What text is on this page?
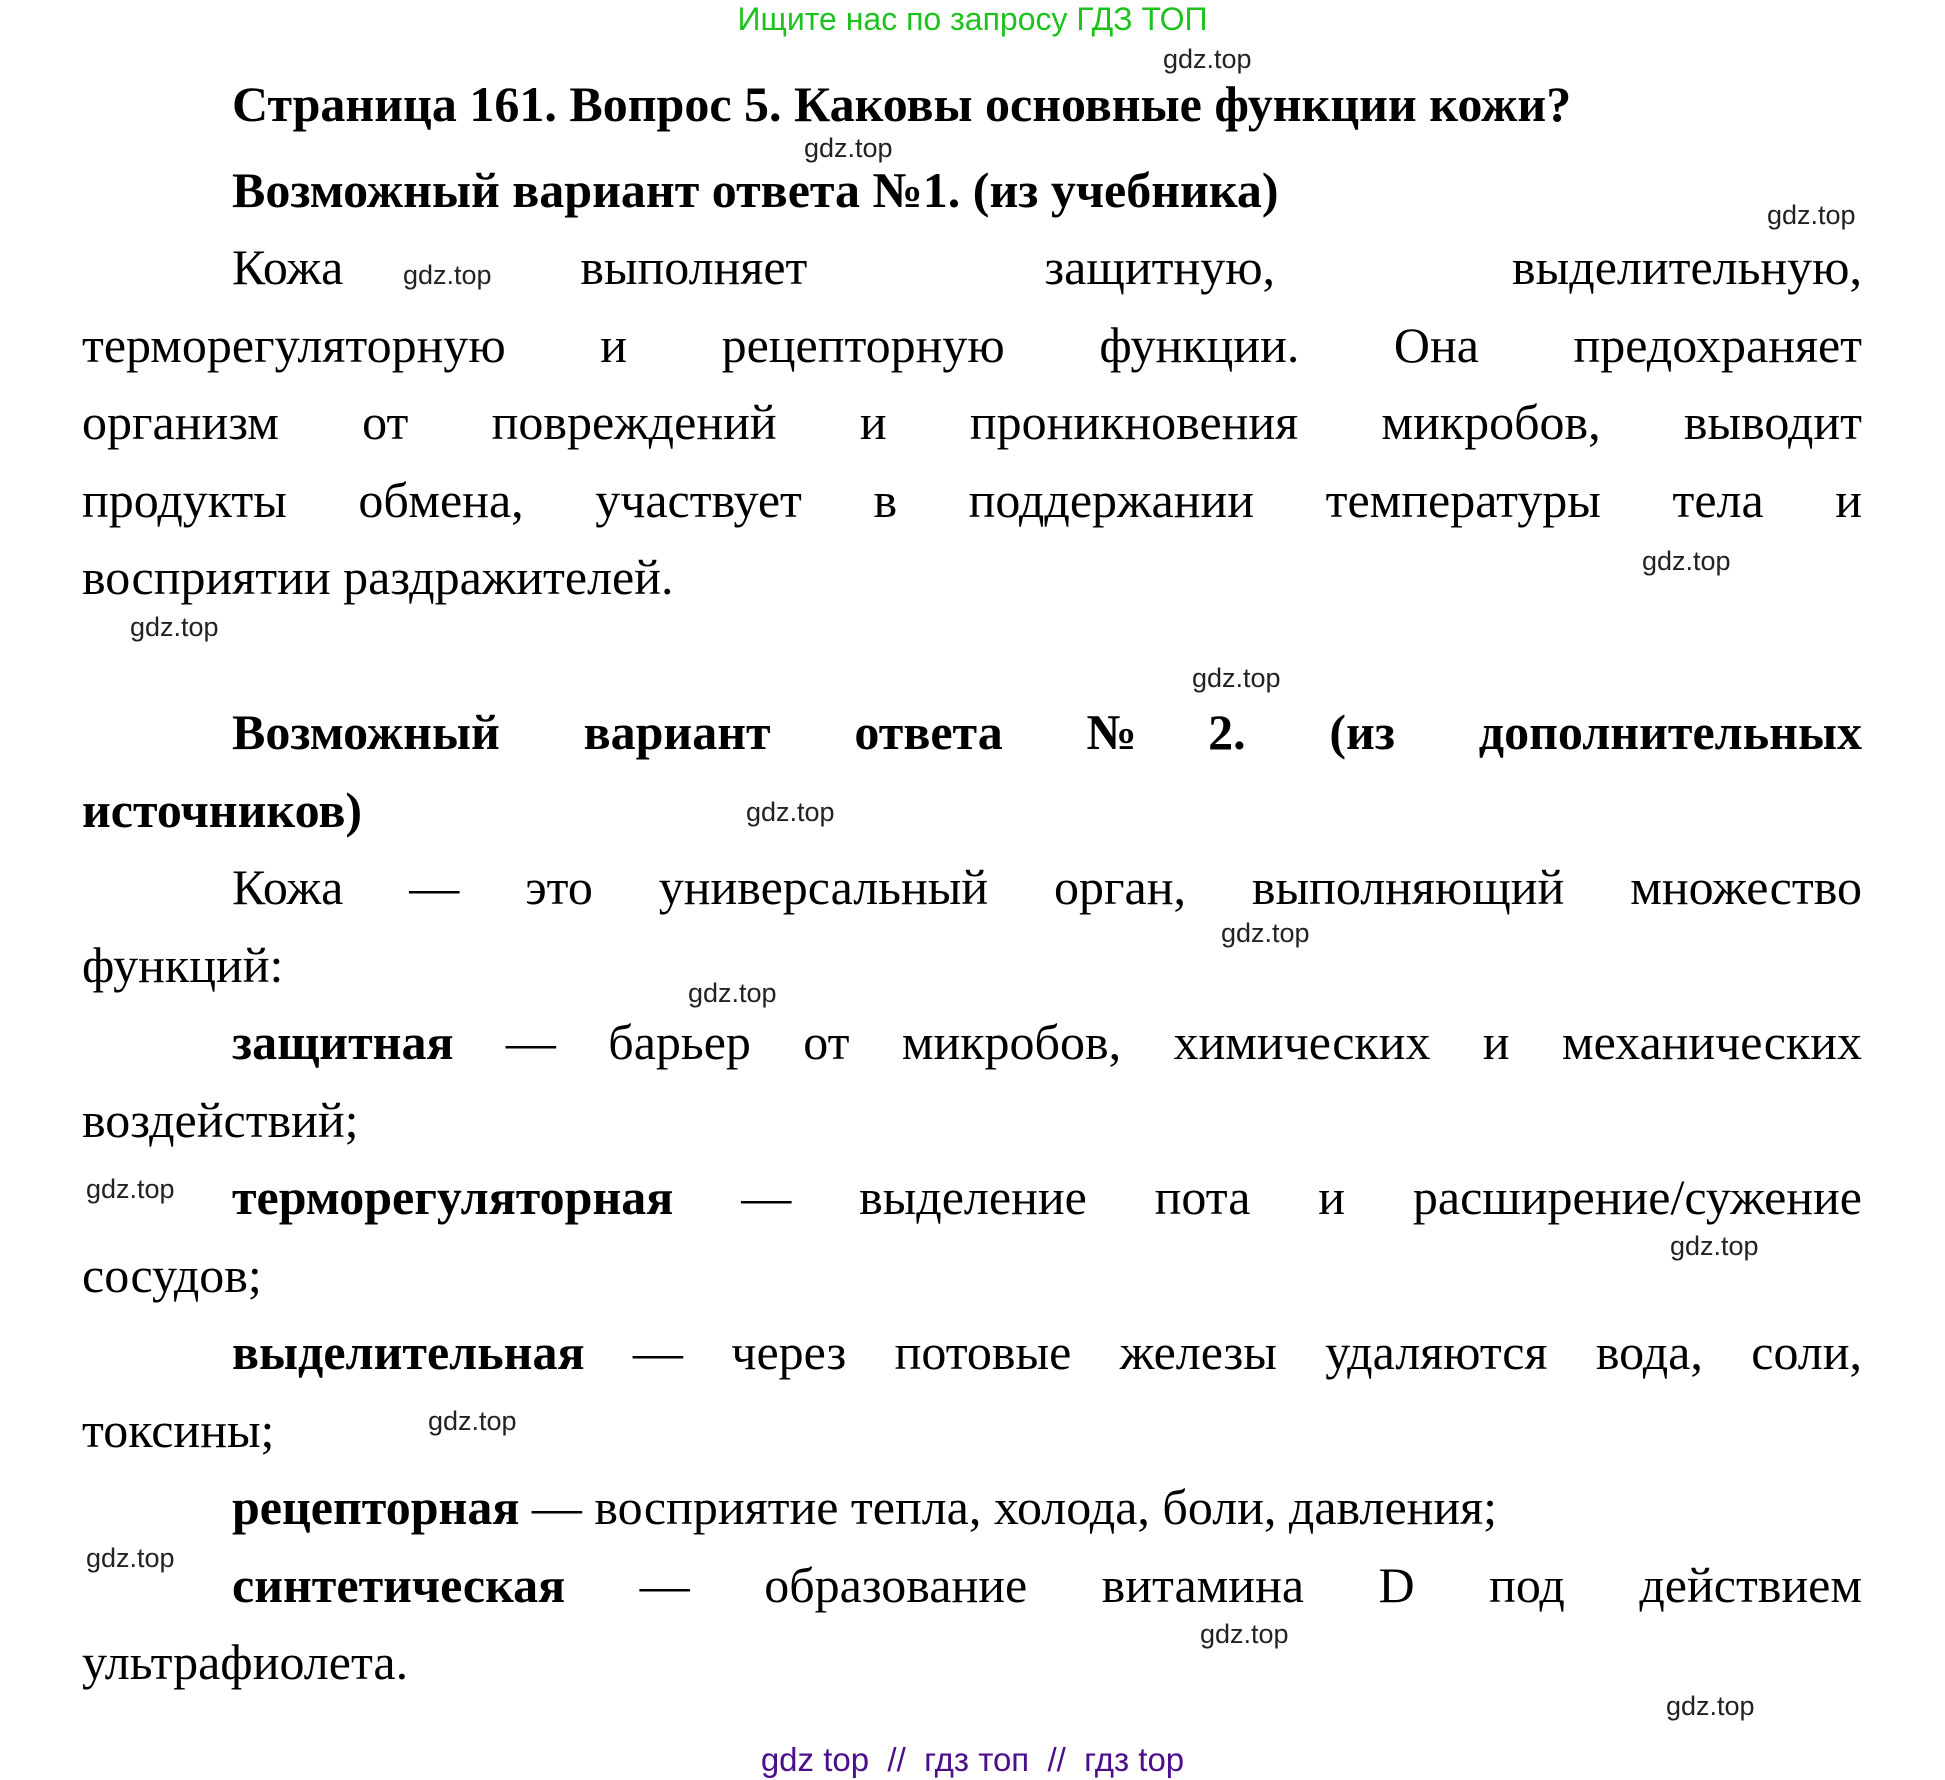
Ищите нас по запросу ГДЗ ТОП
Страница 161. Вопрос 5. Каковы основные функции кожи?
Возможный вариант ответа №1. (из учебника)
Кожа	выполняет	защитную,	выделительную,
терморегуляторную и рецепторную функции. Она предохраняет
организм от повреждений и проникновения микробов, выводит
продукты обмена, участвует в поддержании температуры тела и
восприятии раздражителей.
Возможный вариант ответа №2. (из дополнительных
источников)
Кожа — это универсальный орган, выполняющий множество
функций:
защитная — барьер от микробов, химических и механических
воздействий;
терморегуляторная — выделение пота и расширение/сужение
сосудов;
выделительная — через потовые железы удаляются вода, соли,
токсины;
рецепторная — восприятие тепла, холода, боли, давления;
синтетическая — образование витамина D под действием
ультрафиолета.
gdz.top
gdz.top
gdz.top
gdz.top
gdz.top
gdz.top
gdz.top
gdz.top
gdz.top
gdz.top
gdz.top
gdz.top
gdz.top
gdz.top
gdz.top
gdz.top
gdz top  //  гдз топ  //  гдз top
